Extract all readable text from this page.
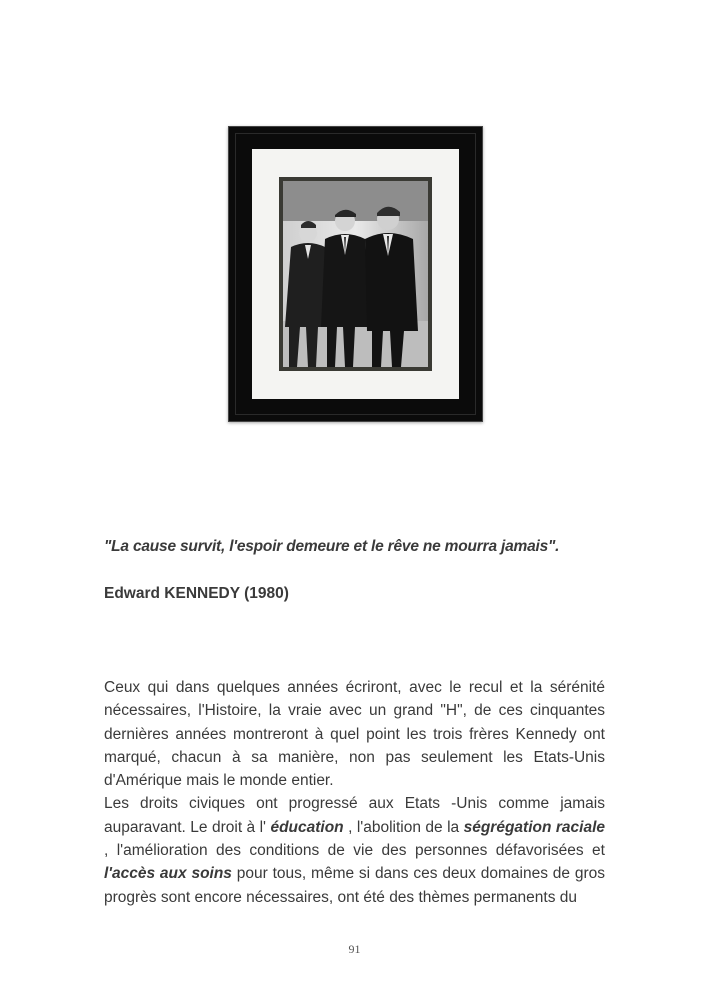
"La cause survit, l'espoir demeure et le rêve ne mourra jamais".
Edward KENNEDY (1980)

Ceux qui dans quelques années écriront, avec le recul et la sérénité nécessaires, l'Histoire, la vraie avec un grand "H", de ces cinquantes dernières années montreront à quel point les trois frères Kennedy ont marqué, chacun à sa manière, non pas seulement les Etats-Unis d'Amérique mais le monde entier.

Les droits civiques ont progressé aux Etats -Unis comme jamais auparavant. Le droit à l' éducation , l'abolition de la ségrégation raciale , l'amélioration des conditions de vie des personnes défavorisées et l'accès aux soins pour tous, même si dans ces deux domaines de gros progrès sont encore nécessaires, ont été des thèmes permanents du

91
